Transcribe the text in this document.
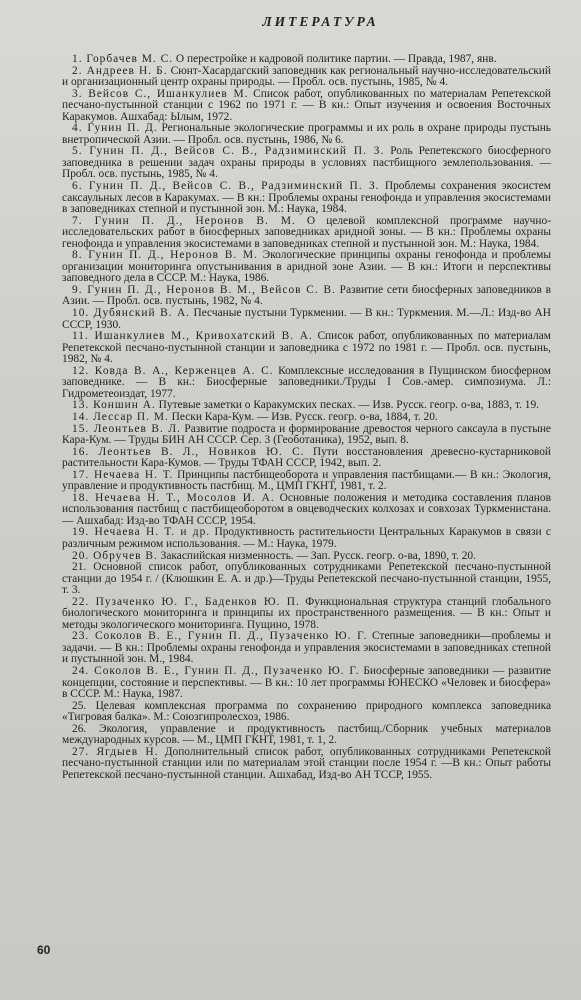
ЛИТЕРАТУРА

1. Горбачев М. С. О перестройке и кадровой политике партии. — Правда, 1987, янв.

2. Андреев Н. Б. Сюнт-Хасардагский заповедник как региональный научно-исследовательский и организационный центр охраны природы. — Пробл. осв. пустынь, 1985, № 4.

3. Вейсов С., Ишанкулиев М. Список работ, опубликованных по материалам Репетекской песчано-пустынной станции с 1962 по 1971 г. — В кн.: Опыт изучения и освоения Восточных Каракумов. Ашхабад: Ылым, 1972.

4. Гунин П. Д. Региональные экологические программы и их роль в охране природы пустынь внетропической Азии. — Пробл. осв. пустынь, 1986, № 6.

5. Гунин П. Д., Вейсов С. В., Радзиминский П. З. Роль Репетекского биосферного заповедника в решении задач охраны природы в условиях пастбищного землепользования. — Пробл. осв. пустынь, 1985, № 4.

6. Гунин П. Д., Вейсов С. В., Радзиминский П. З. Проблемы сохранения экосистем саксаульных лесов в Каракумах. — В кн.: Проблемы охраны генофонда и управления экосистемами в заповедниках степной и пустынной зон. М.: Наука, 1984.

7. Гунин П. Д., Неронов В. М. О целевой комплексной программе научно-исследовательских работ в биосферных заповедниках аридной зоны. — В кн.: Проблемы охраны генофонда и управления экосистемами в заповедниках степной и пустынной зон. М.: Наука, 1984.

8. Гунин П. Д., Неронов В. М. Экологические принципы охраны генофонда и проблемы организации мониторинга опустынивания в аридной зоне Азии. — В кн.: Итоги и перспективы заповедного дела в СССР. М.: Наука, 1986.

9. Гунин П. Д., Неронов В. М., Вейсов С. В. Развитие сети биосферных заповедников в Азии. — Пробл. осв. пустынь, 1982, № 4.

10. Дубянский В. А. Песчаные пустыни Туркмении. — В кн.: Туркмения. М.—Л.: Изд-во АН СССР, 1930.

11. Ишанкулиев М., Кривохатский В. А. Список работ, опубликованных по материалам Репетекской песчано-пустынной станции и заповедника с 1972 по 1981 г. — Пробл. осв. пустынь, 1982, № 4.

12. Ковда В. А., Керженцев А. С. Комплексные исследования в Пущинском биосферном заповеднике. — В кн.: Биосферные заповедники./Труды I Сов.-амер. симпозиума. Л.: Гидрометеоиздат, 1977.

13. Коншин А. Путевые заметки о Каракумских песках. — Изв. Русск. геогр. о-ва, 1883, т. 19.

14. Лессар П. М. Пески Кара-Кум. — Изв. Русск. геогр. о-ва, 1884, т. 20.

15. Леонтьев В. Л. Развитие подроста и формирование древостоя черного саксаула в пустыне Кара-Кум. — Труды БИН АН СССР. Сер. 3 (Геоботаника), 1952, вып. 8.

16. Леонтьев В. Л., Новиков Ю. С. Пути восстановления древесно-кустарниковой растительности Кара-Кумов. — Труды ТФАН СССР, 1942, вып. 2.

17. Нечаева Н. Т. Принципы пастбищеоборота и управления пастбищами.— В кн.: Экология, управление и продуктивность пастбищ. М., ЦМП ГКНТ, 1981, т. 2.

18. Нечаева Н. Т., Мосолов И. А. Основные положения и методика составления планов использования пастбищ с пастбищеоборотом в овцеводческих колхозах и совхозах Туркменистана. — Ашхабад: Изд-во ТФАН СССР, 1954.

19. Нечаева Н. Т. и др. Продуктивность растительности Центральных Каракумов в связи с различным режимом использования. — М.: Наука, 1979.

20. Обручев В. Закаспийская низменность. — Зап. Русск. геогр. о-ва, 1890, т. 20.

21. Основной список работ, опубликованных сотрудниками Репетекской песчано-пустынной станции до 1954 г. / (Клюшкин Е. А. и др.)—Труды Репетекской песчано-пустынной станции, 1955, т. 3.

22. Пузаченко Ю. Г., Баденков Ю. П. Функциональная структура станций глобального биологического мониторинга и принципы их пространственного размещения. — В кн.: Опыт и методы экологического мониторинга. Пущино, 1978.

23. Соколов В. Е., Гунин П. Д., Пузаченко Ю. Г. Степные заповедники—проблемы и задачи. — В кн.: Проблемы охраны генофонда и управления экосистемами в заповедниках степной и пустынной зон. М., 1984.

24. Соколов В. Е., Гунин П. Д., Пузаченко Ю. Г. Биосферные заповедники — развитие концепции, состояние и перспективы. — В кн.: 10 лет программы ЮНЕСКО «Человек и биосфера» в СССР. М.: Наука, 1987.

25. Целевая комплексная программа по сохранению природного комплекса заповедника «Тигровая балка». М.: Союзгипролесхоз, 1986.

26. Экология, управление и продуктивность пастбищ./Сборник учебных материалов международных курсов. — М., ЦМП ГКНТ, 1981, т. 1, 2.

27. Ягдыев Н. Дополнительный список работ, опубликованных сотрудниками Репетекской песчано-пустынной станции или по материалам этой станции после 1954 г. —В кн.: Опыт работы Репетекской песчано-пустынной станции. Ашхабад, Изд-во АН ТССР, 1955.

60
